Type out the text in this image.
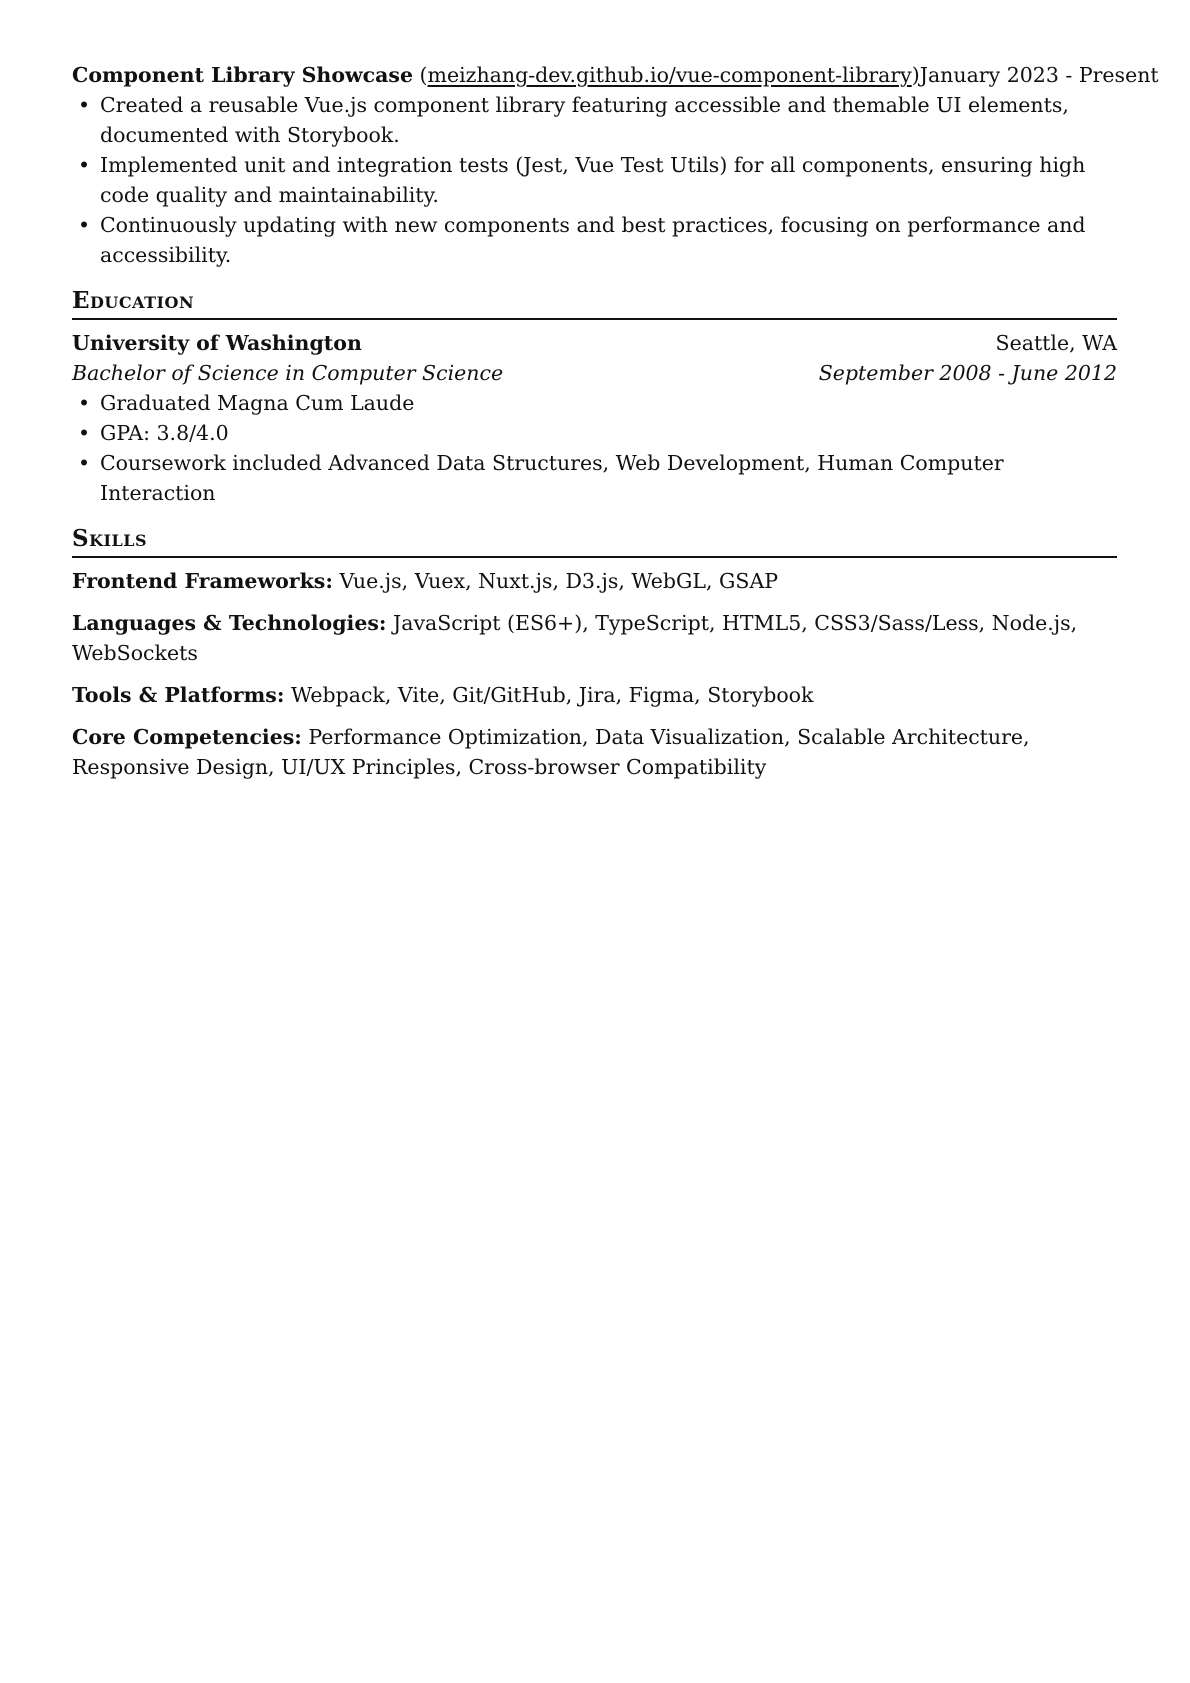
Component Library Showcase (meizhang-dev.github.io/vue-component-library) January 2023 - Present
• Created a reusable Vue.js component library featuring accessible and themable UI elements, documented with Storybook.
• Implemented unit and integration tests (Jest, Vue Test Utils) for all components, ensuring high code quality and maintainability.
• Continuously updating with new components and best practices, focusing on performance and accessibility.
Education
University of Washington	Seattle, WA
Bachelor of Science in Computer Science	September 2008 - June 2012
• Graduated Magna Cum Laude
• GPA: 3.8/4.0
• Coursework included Advanced Data Structures, Web Development, Human Computer Interaction
Skills
Frontend Frameworks: Vue.js, Vuex, Nuxt.js, D3.js, WebGL, GSAP
Languages & Technologies: JavaScript (ES6+), TypeScript, HTML5, CSS3/Sass/Less, Node.js, WebSockets
Tools & Platforms: Webpack, Vite, Git/GitHub, Jira, Figma, Storybook
Core Competencies: Performance Optimization, Data Visualization, Scalable Architecture, Responsive Design, UI/UX Principles, Cross-browser Compatibility
